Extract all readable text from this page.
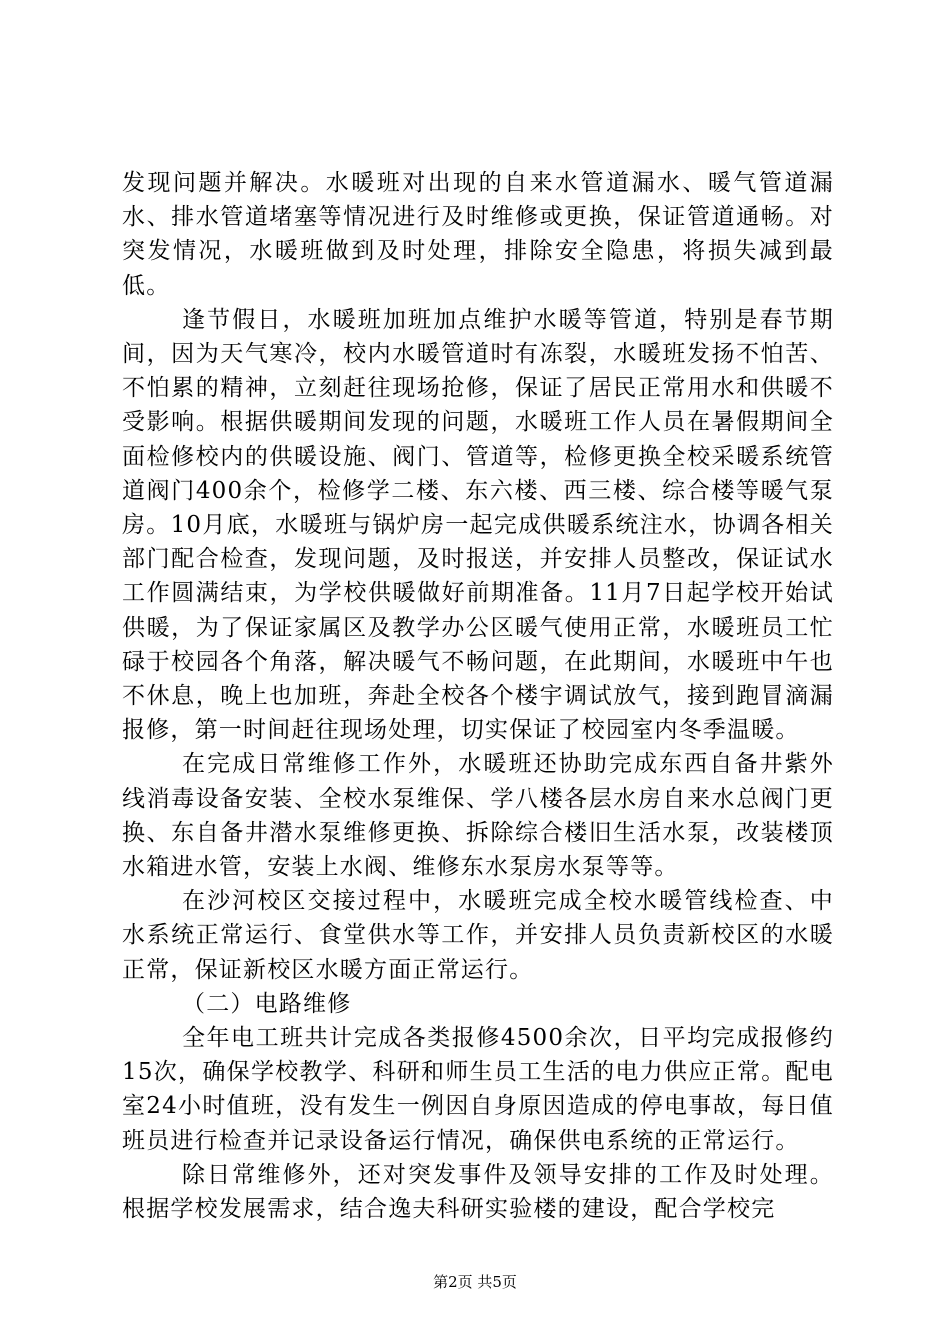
发现问题并解决。水暖班对出现的自来水管道漏水、暖气管道漏水、排水管道堵塞等情况进行及时维修或更换，保证管道通畅。对突发情况，水暖班做到及时处理，排除安全隐患，将损失减到最低。

逢节假日，水暖班加班加点维护水暖等管道，特别是春节期间，因为天气寒冷，校内水暖管道时有冻裂，水暖班发扬不怕苦、不怕累的精神，立刻赶往现场抢修，保证了居民正常用水和供暖不受影响。根据供暖期间发现的问题，水暖班工作人员在暑假期间全面检修校内的供暖设施、阀门、管道等，检修更换全校采暖系统管道阀门400余个，检修学二楼、东六楼、西三楼、综合楼等暖气泵房。10月底，水暖班与锅炉房一起完成供暖系统注水，协调各相关部门配合检查，发现问题，及时报送，并安排人员整改，保证试水工作圆满结束，为学校供暖做好前期准备。11月7日起学校开始试供暖，为了保证家属区及教学办公区暖气使用正常，水暖班员工忙碌于校园各个角落，解决暖气不畅问题，在此期间，水暖班中午也不休息，晚上也加班，奔赴全校各个楼宇调试放气，接到跑冒滴漏报修，第一时间赶往现场处理，切实保证了校园室内冬季温暖。

在完成日常维修工作外，水暖班还协助完成东西自备井紫外线消毒设备安装、全校水泵维保、学八楼各层水房自来水总阀门更换、东自备井潜水泵维修更换、拆除综合楼旧生活水泵，改装楼顶水箱进水管，安装上水阀、维修东水泵房水泵等等。

在沙河校区交接过程中，水暖班完成全校水暖管线检查、中水系统正常运行、食堂供水等工作，并安排人员负责新校区的水暖正常，保证新校区水暖方面正常运行。

（二）电路维修

全年电工班共计完成各类报修4500余次，日平均完成报修约15次，确保学校教学、科研和师生员工生活的电力供应正常。配电室24小时值班，没有发生一例因自身原因造成的停电事故，每日值班员进行检查并记录设备运行情况，确保供电系统的正常运行。

除日常维修外，还对突发事件及领导安排的工作及时处理。根据学校发展需求，结合逸夫科研实验楼的建设，配合学校完

第2页 共5页
